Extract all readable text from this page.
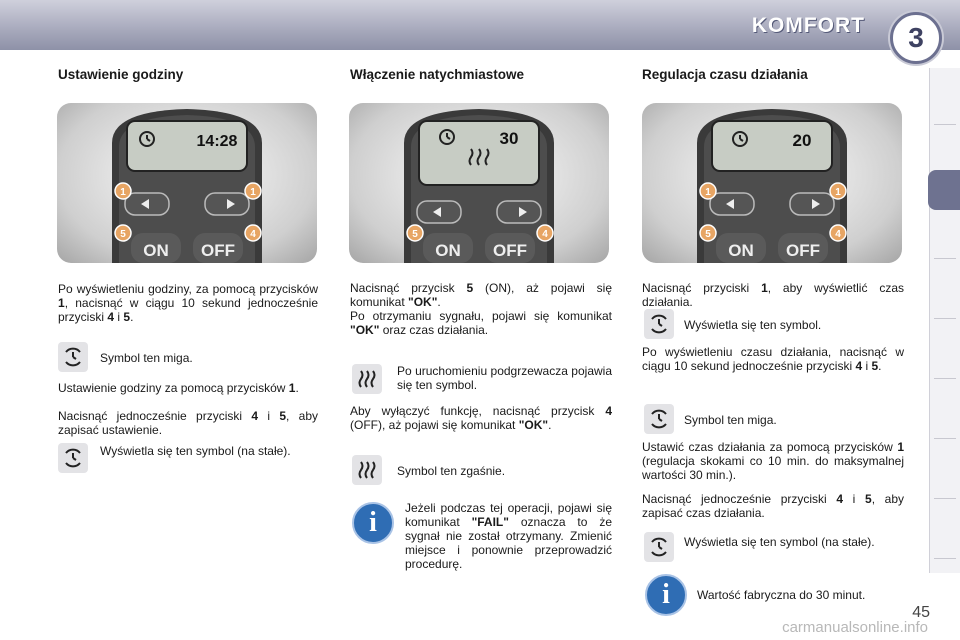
KOMFORT	3
Ustawienie godziny
14:28
ON OFF
1	1
5	4
Po wyświetleniu godziny, za pomocą przycisków 1, nacisnąć w ciągu 10 sekund jednocześnie przyciski 4 i 5.
Symbol ten miga.
Ustawienie godziny za pomocą przycisków 1.
Nacisnąć jednocześnie przyciski 4 i 5, aby zapisać ustawienie.
Wyświetla się ten symbol (na stałe).
Włączenie natychmiastowe
30
ON OFF
5	4
Nacisnąć przycisk 5 (ON), aż pojawi się komunikat "OK".
Po otrzymaniu sygnału, pojawi się komunikat "OK" oraz czas działania.
Po uruchomieniu podgrzewacza pojawia się ten symbol.
Aby wyłączyć funkcję, nacisnąć przycisk 4 (OFF), aż pojawi się komunikat "OK".
Symbol ten zgaśnie.
i	Jeżeli podczas tej operacji, pojawi się komunikat "FAIL" oznacza to że sygnał nie został otrzymany. Zmienić miejsce i ponownie przeprowadzić procedurę.
Regulacja czasu działania
20
ON OFF
1	1
5	4
Nacisnąć przyciski 1, aby wyświetlić czas działania.
Wyświetla się ten symbol.
Po wyświetleniu czasu działania, nacisnąć w ciągu 10 sekund jednocześnie przyciski 4 i 5.
Symbol ten miga.
Ustawić czas działania za pomocą przycisków 1 (regulacja skokami co 10 min. do maksymalnej wartości 30 min.).
Nacisnąć jednocześnie przyciski 4 i 5, aby zapisać czas działania.
Wyświetla się ten symbol (na stałe).
i	Wartość fabryczna do 30 minut.
carmanualsonline.info
45
